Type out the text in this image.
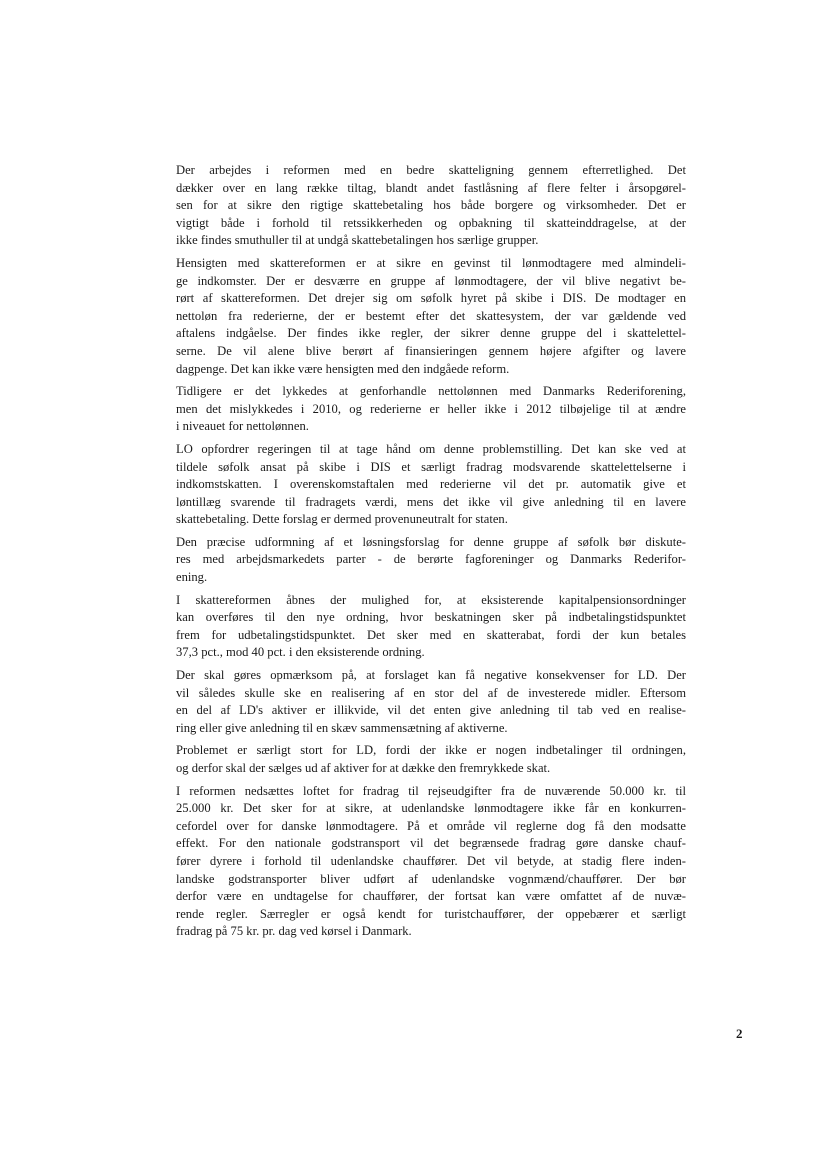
Der arbejdes i reformen med en bedre skatteligning gennem efterretlighed. Det
dækker over en lang række tiltag, blandt andet fastlåsning af flere felter i årsopgørel-
sen for at sikre den rigtige skattebetaling hos både borgere og virksomheder. Det er
vigtigt både i forhold til retssikkerheden og opbakning til skatteinddragelse, at der
ikke findes smuthuller til at undgå skattebetalingen hos særlige grupper.
Hensigten med skattereformen er at sikre en gevinst til lønmodtagere med almindeli-
ge indkomster. Der er desværre en gruppe af lønmodtagere, der vil blive negativt be-
rørt af skattereformen. Det drejer sig om søfolk hyret på skibe i DIS. De modtager en
nettoløn fra rederierne, der er bestemt efter det skattesystem, der var gældende ved
aftalens indgåelse. Der findes ikke regler, der sikrer denne gruppe del i skattelettel-
serne. De vil alene blive berørt af finansieringen gennem højere afgifter og lavere
dagpenge. Det kan ikke være hensigten med den indgåede reform.
Tidligere er det lykkedes at genforhandle nettolønnen med Danmarks Rederiforening,
men det mislykkedes i 2010, og rederierne er heller ikke i 2012 tilbøjelige til at ændre
i niveauet for nettolønnen.
LO opfordrer regeringen til at tage hånd om denne problemstilling. Det kan ske ved at
tildele søfolk ansat på skibe i DIS et særligt fradrag modsvarende skattelettelserne i
indkomstskatten. I overenskomstaftalen med rederierne vil det pr. automatik give et
løntillæg svarende til fradragets værdi, mens det ikke vil give anledning til en lavere
skattebetaling. Dette forslag er dermed provenuneutralt for staten.
Den præcise udformning af et løsningsforslag for denne gruppe af søfolk bør diskute-
res med arbejdsmarkedets parter - de berørte fagforeninger og Danmarks Rederifor-
ening.
I skattereformen åbnes der mulighed for, at eksisterende kapitalpensionsordninger
kan overføres til den nye ordning, hvor beskatningen sker på indbetalingstidspunktet
frem for udbetalingstidspunktet. Det sker med en skatterabat, fordi der kun betales
37,3 pct., mod 40 pct. i den eksisterende ordning.
Der skal gøres opmærksom på, at forslaget kan få negative konsekvenser for LD. Der
vil således skulle ske en realisering af en stor del af de investerede midler. Eftersom
en del af LD's aktiver er illikvide, vil det enten give anledning til tab ved en realise-
ring eller give anledning til en skæv sammensætning af aktiverne.
Problemet er særligt stort for LD, fordi der ikke er nogen indbetalinger til ordningen,
og derfor skal der sælges ud af aktiver for at dække den fremrykkede skat.
I reformen nedsættes loftet for fradrag til rejseudgifter fra de nuværende 50.000 kr. til
25.000 kr. Det sker for at sikre, at udenlandske lønmodtagere ikke får en konkurren-
cefordel over for danske lønmodtagere. På et område vil reglerne dog få den modsatte
effekt. For den nationale godstransport vil det begrænsede fradrag gøre danske chauf-
fører dyrere i forhold til udenlandske chauffører. Det vil betyde, at stadig flere inden-
landske godstransporter bliver udført af udenlandske vognmænd/chauffører. Der bør
derfor være en undtagelse for chauffører, der fortsat kan være omfattet af de nuvæ-
rende regler. Særregler er også kendt for turistchauffører, der oppebærer et særligt
fradrag på 75 kr. pr. dag ved kørsel i Danmark.
2
